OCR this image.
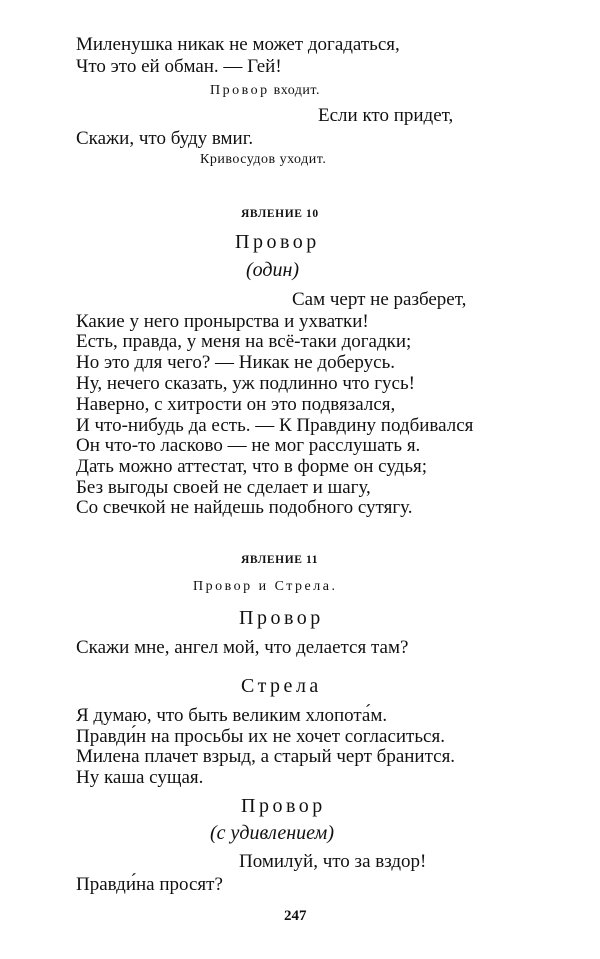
Миленушка никак не может догадаться,
Что это ей обман. — Гей!
Провор входит.
Если кто придет,
Скажи, что буду вмиг.
Кривосудов уходит.
ЯВЛЕНИЕ 10
Провор
(один)
Сам черт не разберет,
Какие у него пронырства и ухватки!
Есть, правда, у меня на всё-таки догадки;
Но это для чего? — Никак не доберусь.
Ну, нечего сказать, уж подлинно что гусь!
Наверно, с хитрости он это подвязался,
И что-нибудь да есть. — К Правдину подбивался
Он что-то ласково — не мог расслушать я.
Дать можно аттестат, что в форме он судья;
Без выгоды своей не сделает и шагу,
Со свечкой не найдешь подобного сутягу.
ЯВЛЕНИЕ 11
Провор и Стрела.
Провор
Скажи мне, ангел мой, что делается там?
Стрела
Я думаю, что быть великим хлопота́м.
Правди́н на просьбы их не хочет согласиться.
Милена плачет взрыд, а старый черт бранится.
Ну каша сущая.
Провор
(с удивлением)
Помилуй, что за вздор!
Правди́на просят?
247
